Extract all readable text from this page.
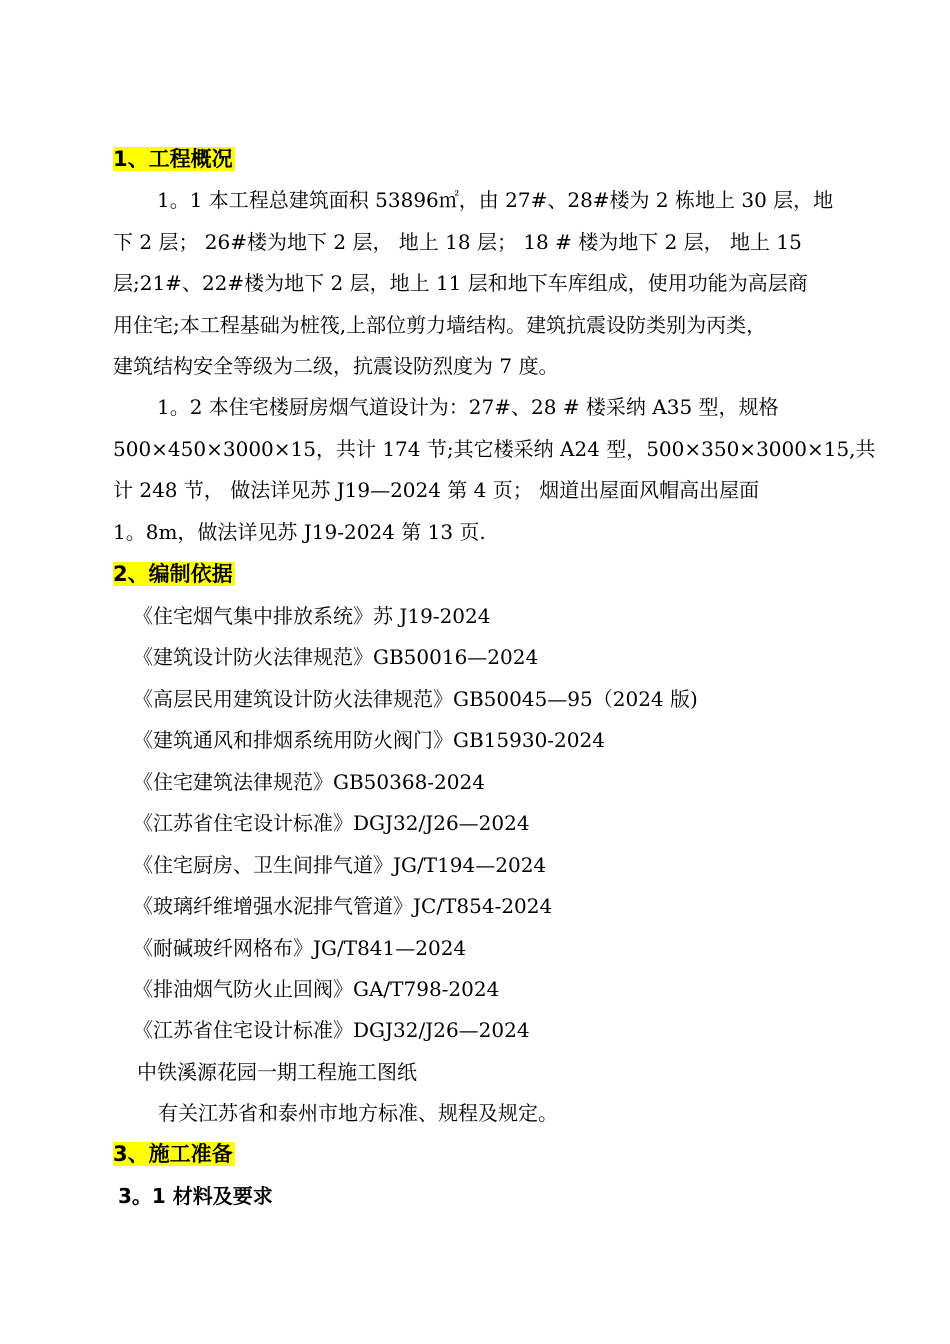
1、工程概况
1。1 本工程总建筑面积 53896㎡，由 27#、28#楼为 2 栋地上 30 层，地
下 2 层； 26#楼为地下 2 层， 地上 18 层； 18 # 楼为地下 2 层， 地上 15
层;21#、22#楼为地下 2 层，地上 11 层和地下车库组成，使用功能为高层商
用住宅;本工程基础为桩筏,上部位剪力墙结构。建筑抗震设防类别为丙类，
建筑结构安全等级为二级，抗震设防烈度为 7 度。
1。2 本住宅楼厨房烟气道设计为：27#、28 # 楼采纳 A35 型，规格
500×450×3000×15，共计 174 节;其它楼采纳 A24 型，500×350×3000×15,共
计 248 节， 做法详见苏 J19—2024 第 4 页； 烟道出屋面风帽高出屋面
1。8m，做法详见苏 J19-2024 第 13 页.
2、编制依据
《住宅烟气集中排放系统》苏 J19-2024
《建筑设计防火法律规范》GB50016—2024
《高层民用建筑设计防火法律规范》GB50045—95（2024 版)
《建筑通风和排烟系统用防火阀门》GB15930-2024
《住宅建筑法律规范》GB50368-2024
《江苏省住宅设计标准》DGJ32/J26—2024
《住宅厨房、卫生间排气道》JG/T194—2024
《玻璃纤维增强水泥排气管道》JC/T854-2024
《耐碱玻纤网格布》JG/T841—2024
《排油烟气防火止回阀》GA/T798-2024
《江苏省住宅设计标准》DGJ32/J26—2024
中铁溪源花园一期工程施工图纸
有关江苏省和泰州市地方标准、规程及规定。
3、施工准备
3。1 材料及要求
